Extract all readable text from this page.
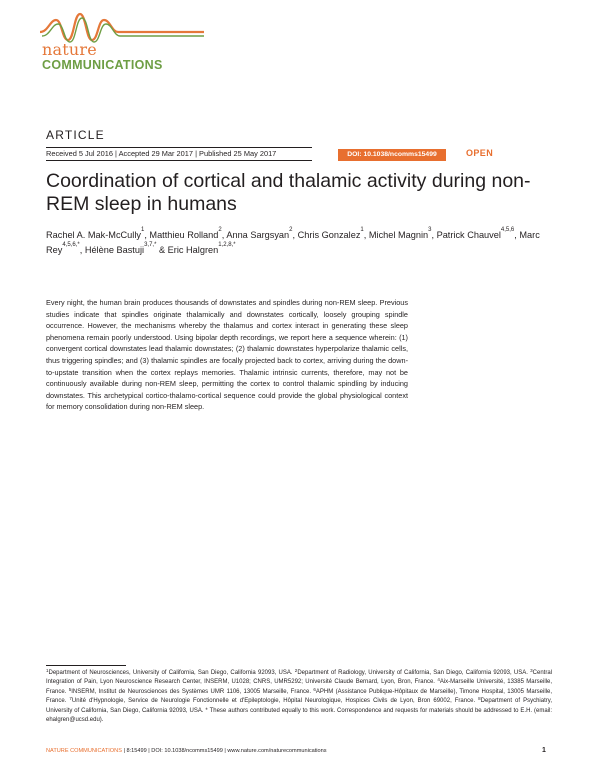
nature
COMMUNICATIONS
ARTICLE
Received 5 Jul 2016 | Accepted 29 Mar 2017 | Published 25 May 2017	DOI: 10.1038/ncomms15499	OPEN
Coordination of cortical and thalamic activity during non-REM sleep in humans
Rachel A. Mak-McCully$^1$, Matthieu Rolland$^2$, Anna Sargsyan$^2$, Chris Gonzalez$^1$, Michel Magnin$^3$, Patrick Chauvel$^{4,5,6}$, Marc Rey$^{4,5,6,*}$, Hélène Bastuji$^{3,7,*}$ & Eric Halgren$^{1,2,8,*}$

Every night, the human brain produces thousands of downstates and spindles during non-REM sleep. Previous studies indicate that spindles originate thalamically and downstates cortically, loosely grouping spindle occurrence. However, the mechanisms whereby the thalamus and cortex interact in generating these sleep phenomena remain poorly understood. Using bipolar depth recordings, we report here a sequence wherein: (1) convergent cortical downstates lead thalamic downstates; (2) thalamic downstates hyperpolarize thalamic cells, thus triggering spindles; and (3) thalamic spindles are focally projected back to cortex, arriving during the down-to-upstate transition when the cortex replays memories. Thalamic intrinsic currents, therefore, may not be continuously available during non-REM sleep, permitting the cortex to control thalamic spindling by inducing downstates. This archetypical cortico-thalamo-cortical sequence could provide the global physiological context for memory consolidation during non-REM sleep.

$^1$Department of Neurosciences, University of California, San Diego, California 92093, USA. $^2$Department of Radiology, University of California, San Diego, California 92093, USA. $^3$Central Integration of Pain, Lyon Neuroscience Research Center, INSERM, U1028; CNRS, UMR5292; Université Claude Bernard, Lyon, Bron, France. $^4$Aix-Marseille Université, 13385 Marseille, France. $^5$INSERM, Institut de Neurosciences des Systèmes UMR 1106, 13005 Marseille, France. $^6$APHM (Assistance Publique-Hôpitaux de Marseille), Timone Hospital, 13005 Marseille, France. $^7$Unité d'Hypnologie, Service de Neurologie Fonctionnelle et d'Epileptologie, Hôpital Neurologique, Hospices Civils de Lyon, Bron 69002, France. $^8$Department of Psychiatry, University of California, San Diego, California 92093, USA. * These authors contributed equally to this work. Correspondence and requests for materials should be addressed to E.H. (email: ehalgren@ucsd.edu).

NATURE COMMUNICATIONS | 8:15499 | DOI: 10.1038/ncomms15499 | www.nature.com/naturecommunications	1
